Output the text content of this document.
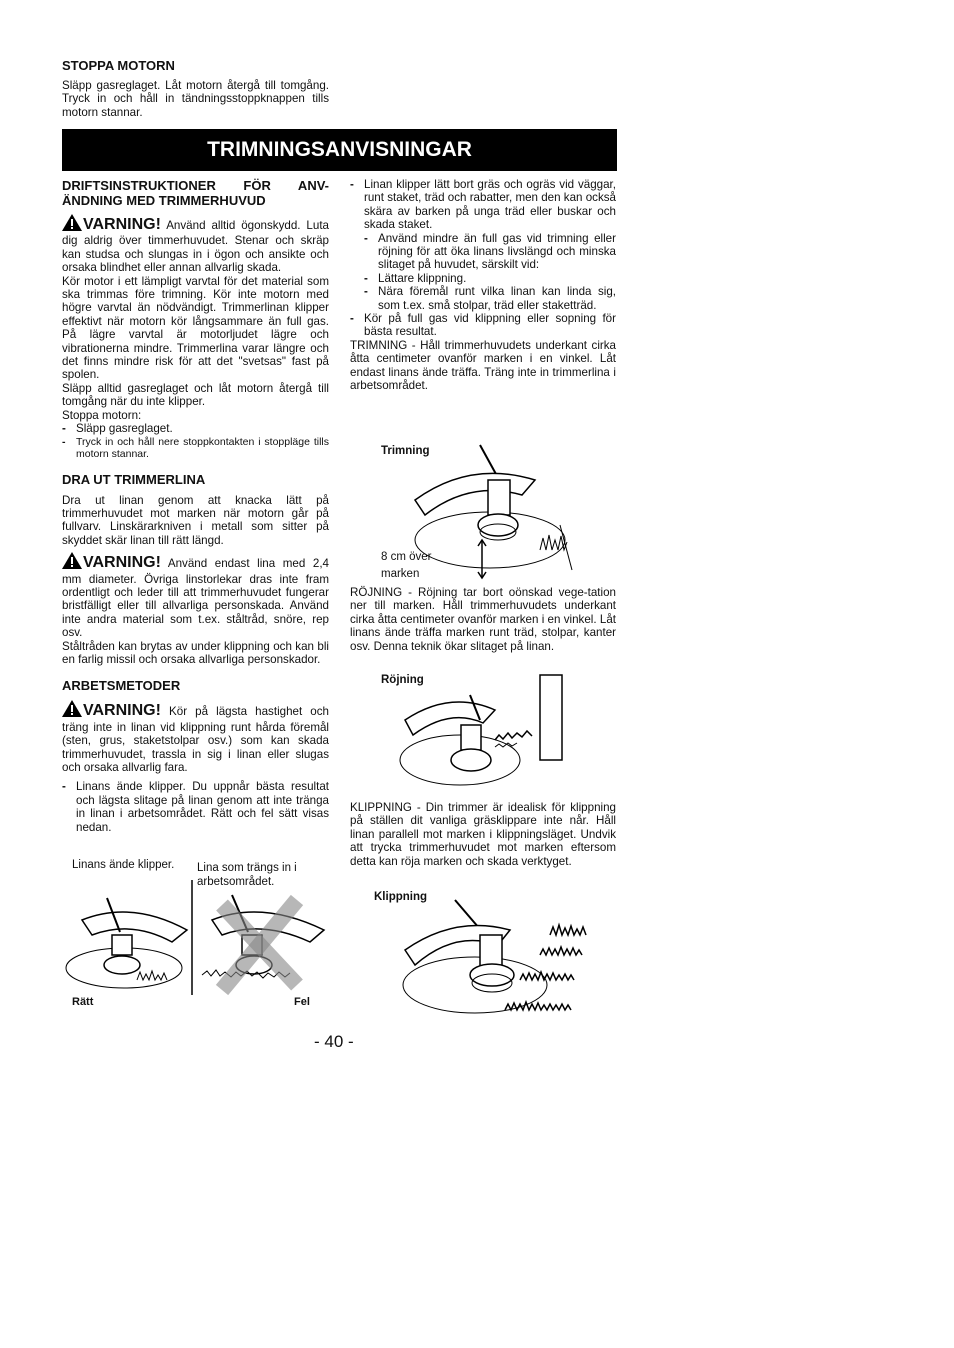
STOPPA MOTORN

Släpp gasreglaget. Låt motorn återgå till tomgång. Tryck in och håll in tändningsstoppknappen tills motorn stannar.

TRIMNINGSANVISNINGAR
DRIFTSINSTRUKTIONER FÖR ANV-ÄNDNING MED TRIMMERHUVUD

VARNING! Använd alltid ögonskydd. Luta dig aldrig över timmerhuvudet. Stenar och skräp kan studsa och slungas in i ögon och ansikte och orsaka blindhet eller annan allvarlig skada.

Kör motor i ett lämpligt varvtal för det material som ska trimmas före trimning. Kör inte motorn med högre varvtal än nödvändigt. Trimmerlinan klipper effektivt när motorn kör långsammare än full gas. På lägre varvtal är motorljudet lägre och vibrationerna mindre. Trimmerlina varar längre och det finns mindre risk för att det "svetsas" fast på spolen.

Släpp alltid gasreglaget och låt motorn återgå till tomgång när du inte klipper.

Stoppa motorn:

- Släpp gasreglaget.
-	Tryck in och håll nere stoppkontakten i stoppläge tills motorn stannar.
DRA UT TRIMMERLINA

Dra ut linan genom att knacka lätt på trimmerhuvudet mot marken när motorn går på fullvarv. Linskärarkniven i metall som sitter på skyddet skär linan till rätt längd.

VARNING! Använd endast lina med 2,4 mm diameter. Övriga linstorlekar dras inte fram ordentligt och leder till att trimmerhuvudet fungerar bristfälligt eller till allvarliga personskada. Använd inte andra material som t.ex. ståltråd, snöre, rep osv.

Ståltråden kan brytas av under klippning och kan bli en farlig missil och orsaka allvarliga personskador.

ARBETSMETODER

VARNING! Kör på lägsta hastighet och träng inte in linan vid klippning runt hårda föremål (sten, grus, staketstolpar osv.) som kan skada trimmerhuvudet, trassla in sig i linan eller slugas och orsaka allvarlig fara.

- Linans ände klipper. Du uppnår bästa resultat och lägsta slitage på linan genom att inte tränga in linan i arbetsområdet. Rätt och fel sätt visas nedan.
Linans ände klipper. Lina som trängs in i arbetsområdet.
Rätt	Fel
- Linan klipper lätt bort gräs och ogräs vid väggar, runt staket, träd och rabatter, men den kan också skära av barken på unga träd eller buskar och skada staket.
- Använd mindre än full gas vid trimning eller röjning för att öka linans livslängd och minska slitaget på huvudet, särskilt vid:
- Lättare klippning.
- Nära föremål runt vilka linan kan linda sig, som t.ex. små stolpar, träd eller staketträd.
- Kör på full gas vid klippning eller sopning för bästa resultat.

TRIMNING - Håll trimmerhuvudets underkant cirka åtta centimeter ovanför marken i en vinkel. Låt endast linans ände träffa. Träng inte in trimmerlina i arbetsområdet.

Trimning
8 cm över marken

RÖJNING - Röjning tar bort oönskad vege-tation ner till marken. Håll trimmerhuvudets underkant cirka åtta centimeter ovanför marken i en vinkel. Låt linans ände träffa marken runt träd, stolpar, kanter osv. Denna teknik ökar slitaget på linan.

Röjning

KLIPPNING - Din trimmer är idealisk för klippning på ställen dit vanliga gräsklippare inte når. Håll linan parallell mot marken i klippningsläget. Undvik att trycka trimmerhuvudet mot marken eftersom detta kan röja marken och skada verktyget.

Klippning
- 40 -
